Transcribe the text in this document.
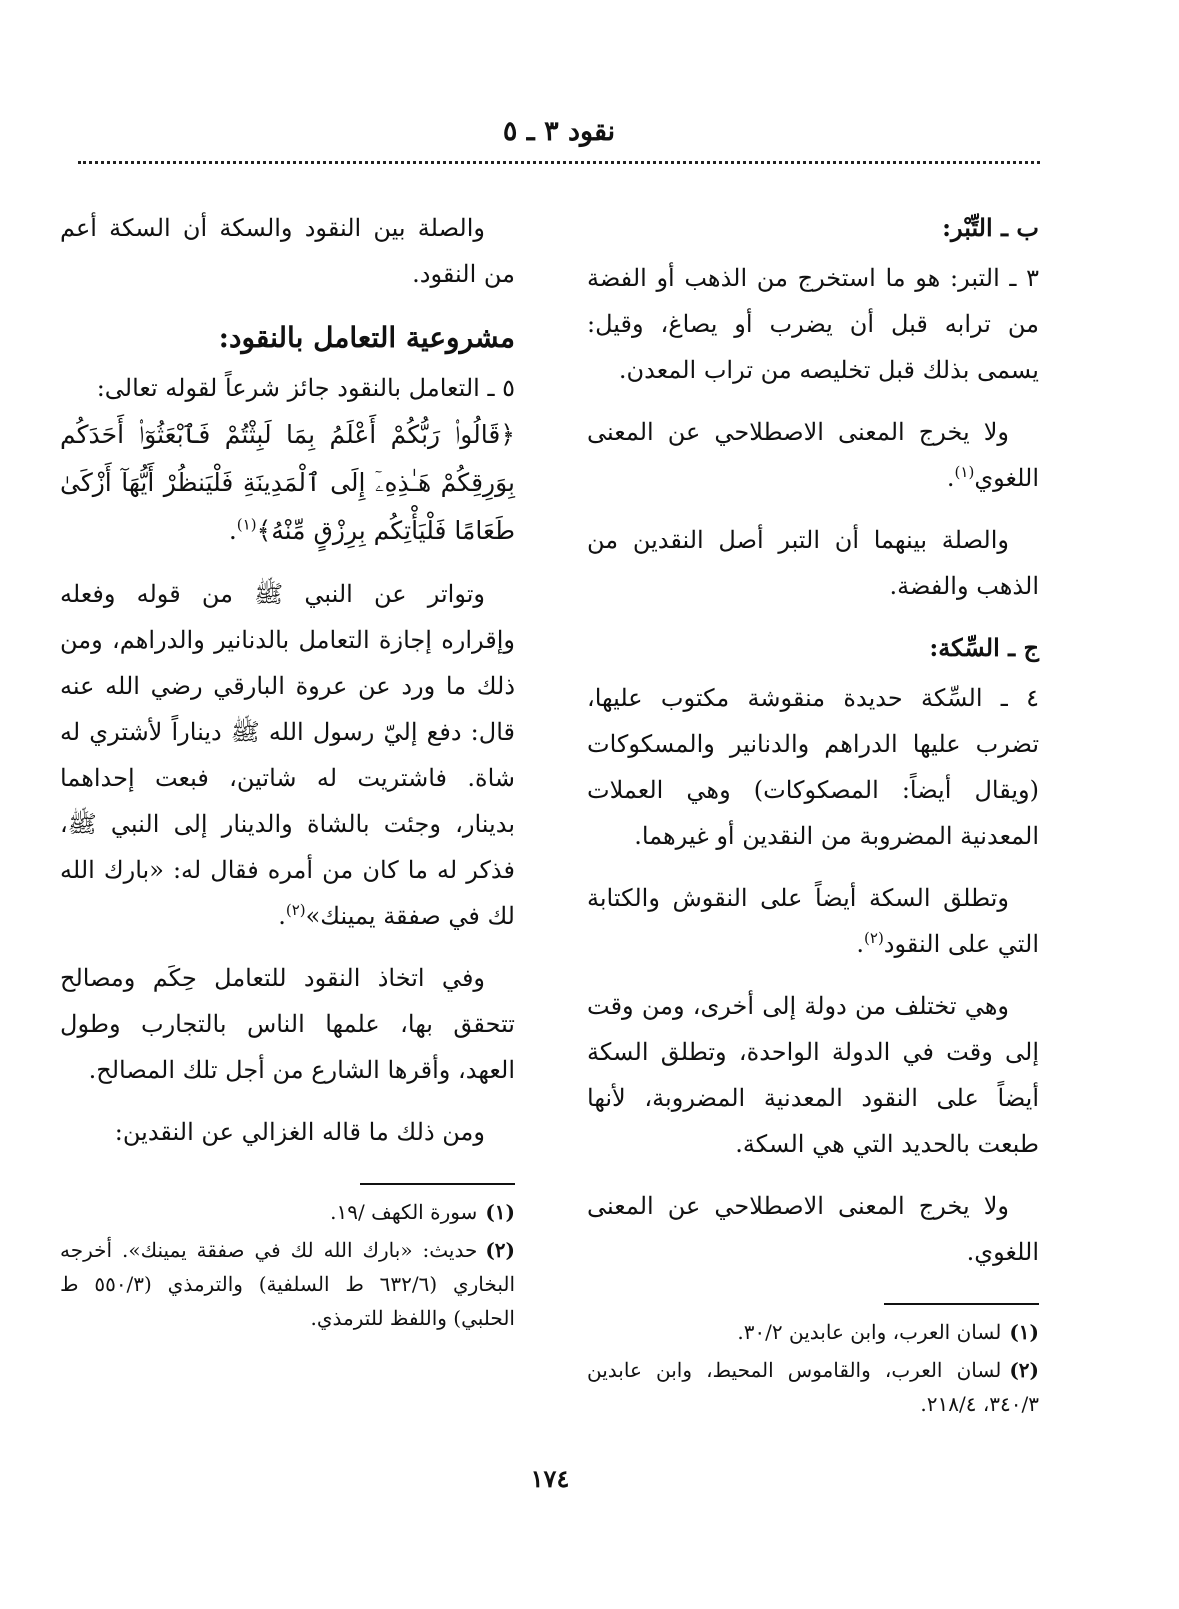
نقود ٣ ـ ٥
ب ـ التِّبْر:

٣ ـ التبر: هو ما استخرج من الذهب أو الفضة من ترابه قبل أن يضرب أو يصاغ، وقيل: يسمى بذلك قبل تخليصه من تراب المعدن.

ولا يخرج المعنى الاصطلاحي عن المعنى اللغوي$^{(١)}$.

والصلة بينهما أن التبر أصل النقدين من الذهب والفضة.

ج ـ السِّكة:

٤ ـ السِّكة حديدة منقوشة مكتوب عليها، تضرب عليها الدراهم والدنانير والمسكوكات (ويقال أيضاً: المصكوكات) وهي العملات المعدنية المضروبة من النقدين أو غيرهما.

وتطلق السكة أيضاً على النقوش والكتابة التي على النقود$^{(٢)}$.

وهي تختلف من دولة إلى أخرى، ومن وقت إلى وقت في الدولة الواحدة، وتطلق السكة أيضاً على النقود المعدنية المضروبة، لأنها طبعت بالحديد التي هي السكة.

ولا يخرج المعنى الاصطلاحي عن المعنى اللغوي.

(١)لسان العرب، وابن عابدين ٣٠/٢.

(٢)لسان العرب، والقاموس المحيط، وابن عابدين ٣٤٠/٣، ٢١٨/٤.

والصلة بين النقود والسكة أن السكة أعم من النقود.

مشروعية التعامل بالنقود:

٥ ـ التعامل بالنقود جائز شرعاً لقوله تعالى:

﴿قَالُوا۟ رَبُّكُمْ أَعْلَمُ بِمَا لَبِثْتُمْ فَٱبْعَثُوٓا۟ أَحَدَكُم بِوَرِقِكُمْ هَـٰذِهِۦٓ إِلَى ٱلْمَدِينَةِ فَلْيَنظُرْ أَيُّهَآ أَزْكَىٰ طَعَامًا فَلْيَأْتِكُم بِرِزْقٍ مِّنْهُ﴾$^{(١)}$.

وتواتر عن النبي ﷺ من قوله وفعله وإقراره إجازة التعامل بالدنانير والدراهم، ومن ذلك ما ورد عن عروة البارقي رضي الله عنه قال: دفع إليّ رسول الله ﷺ ديناراً لأشتري له شاة. فاشتريت له شاتين، فبعت إحداهما بدينار، وجئت بالشاة والدينار إلى النبي ﷺ، فذكر له ما كان من أمره فقال له: «بارك الله لك في صفقة يمينك»$^{(٢)}$.

وفي اتخاذ النقود للتعامل حِكَم ومصالح تتحقق بها، علمها الناس بالتجارب وطول العهد، وأقرها الشارع من أجل تلك المصالح.

ومن ذلك ما قاله الغزالي عن النقدين:

(١)سورة الكهف /١٩.

(٢)حديث: «بارك الله لك في صفقة يمينك». أخرجه البخاري (٦٣٢/٦ ط السلفية) والترمذي (٥٥٠/٣ ط الحلبي) واللفظ للترمذي.

١٧٤
